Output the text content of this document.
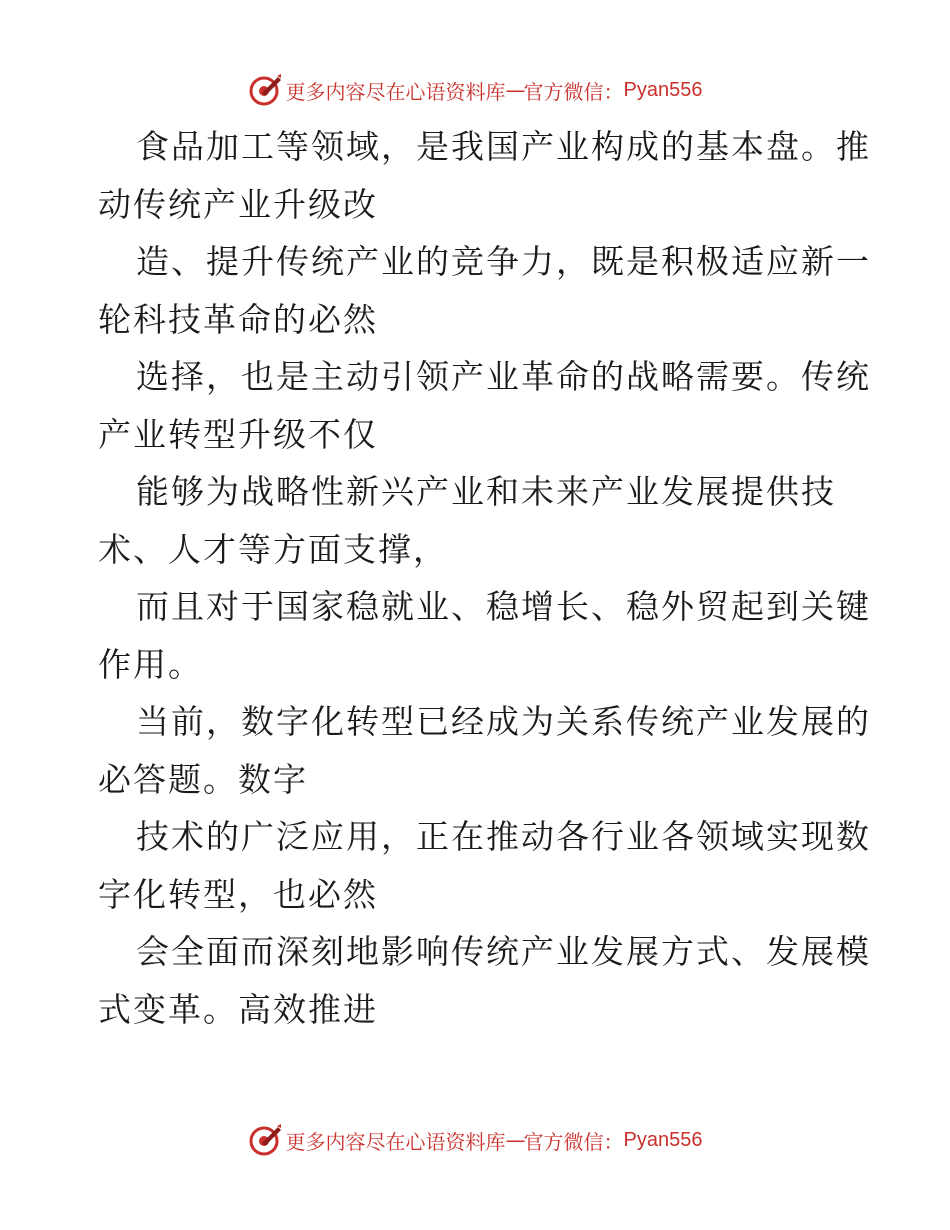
更多内容尽在心语资料库 — 官方微信： Pyan556

食品加工等领域，是我国产业构成的基本盘。推
动传统产业升级改

造、提升传统产业的竞争力，既是积极适应新一
轮科技革命的必然

选择，也是主动引领产业革命的战略需要。传统
产业转型升级不仅

能够为战略性新兴产业和未来产业发展提供技
术、人才等方面支撑，

而且对于国家稳就业、稳增长、稳外贸起到关键
作用。

当前，数字化转型已经成为关系传统产业发展的
必答题。数字

技术的广泛应用，正在推动各行业各领域实现数
字化转型，也必然

会全面而深刻地影响传统产业发展方式、发展模
式变革。高效推进

更多内容尽在心语资料库 — 官方微信： Pyan556
